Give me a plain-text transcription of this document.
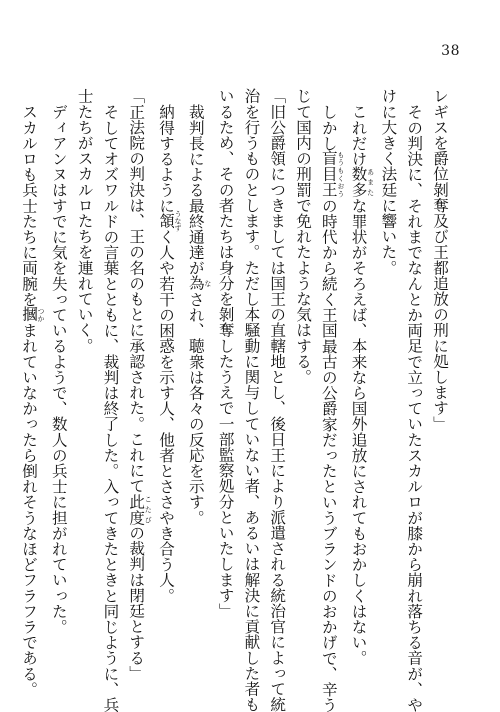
38
レギスを爵位剝奪及び王都追放の刑に処します」
その判決に、それまでなんとか両足で立っていたスカルロが膝から崩れ落ちる音が、や
けに大きく法廷に響いた。
これだけ数多 あまたな罪状がそろえば、本来なら国外追放にされてもおかしくはない。
しかし盲目王 もうもくおうの時代から続く王国最古の公爵家だったというブランドのおかげで、辛う
じて国内の刑罰で免れたような気はする。
「旧公爵領につきましては国王の直轄地とし、後日王により派遣される統治官によって統
治を行うものとします。ただし本騒動に関与していない者、あるいは解決に貢献した者も
いるため、その者たちは身分を剝奪したうえで一部監察処分といたします」
裁判長による最終通達が為 なされ、聴衆は各々の反応を示す。
納得するように頷 うなずく人や若干の困惑を示す人、他者とささやき合う人。
「正法院の判決は、王の名のもとに承認された。これにて此度 こたびの裁判は閉廷とする」
そしてオズワルドの言葉とともに、裁判は終了した。入ってきたときと同じように、兵
士たちがスカルロたちを連れていく。
ディアンヌはすでに気を失っているようで、数人の兵士に担がれていった。
スカルロも兵士たちに両腕を摑 つかまれていなかったら倒れそうなほどフラフラである。
